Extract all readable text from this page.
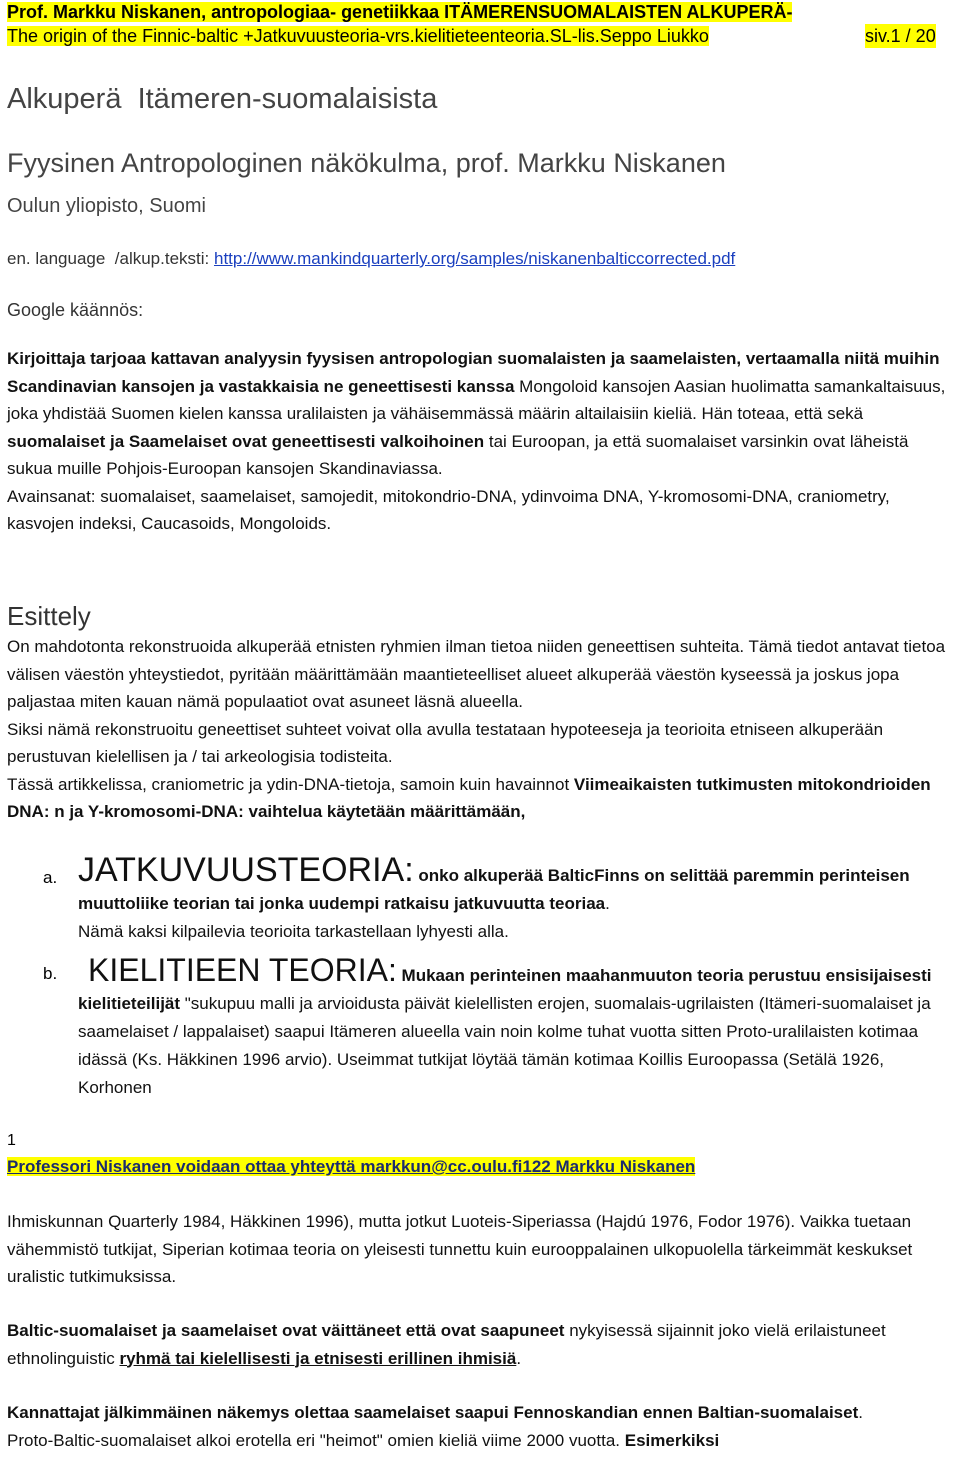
Prof. Markku Niskanen, antropologiaa- genetiikkaa ITÄMERENSUOMALAISTEN ALKUPERÄ-
The origin of the Finnic-baltic +Jatkuvuusteoria-vrs.kielitieteenteoria.SL-lis.Seppo Liukko	siv.1 / 20
Alkuperä  Itämeren-suomalaisista
Fyysinen Antropologinen näkökulma, prof. Markku Niskanen
Oulun yliopisto, Suomi
en. language  /alkup.teksti: http://www.mankindquarterly.org/samples/niskanenbalticcorrected.pdf
Google käännös:
Kirjoittaja tarjoaa kattavan analyysin fyysisen antropologian suomalaisten ja saamelaisten, vertaamalla niitä muihin Scandinavian kansojen ja vastakkaisia ne geneettisesti kanssa Mongoloid kansojen Aasian huolimatta samankaltaisuus, joka yhdistää Suomen kielen kanssa uralilaisten ja vähäisemmässä määrin altailaisiin kieliä. Hän toteaa, että sekä suomalaiset ja Saamelaiset ovat geneettisesti valkoihoinen tai Euroopan, ja että suomalaiset varsinkin ovat läheistä sukua muille Pohjois-Euroopan kansojen Skandinaviassa.
Avainsanat: suomalaiset, saamelaiset, samojedit, mitokondrio-DNA, ydinvoima DNA, Y-kromosomi-DNA, craniometry, kasvojen indeksi, Caucasoids, Mongoloids.
Esittely
On mahdotonta rekonstruoida alkuperää etnisten ryhmien ilman tietoa niiden geneettisen suhteita. Tämä tiedot antavat tietoa välisen väestön yhteystiedot, pyritään määrittämään maantieteelliset alueet alkuperää väestön kyseessä ja joskus jopa paljastaa miten kauan nämä populaatiot ovat asuneet läsnä alueella.
Siksi nämä rekonstruoitu geneettiset suhteet voivat olla avulla testataan hypoteeseja ja teorioita etniseen alkuperään perustuvan kielellisen ja / tai arkeologisia todisteita.
Tässä artikkelissa, craniometric ja ydin-DNA-tietoja, samoin kuin havainnot Viimeaikaisten tutkimusten mitokondrioiden DNA: n ja Y-kromosomi-DNA: vaihtelua käytetään määrittämään,
a. JATKUVUUSTEORIA: onko alkuperää BalticFinns on selittää paremmin perinteisen muuttoliike teorian tai jonka uudempi ratkaisu jatkuvuutta teoriaa.
Nämä kaksi kilpailevia teorioita tarkastellaan lyhyesti alla.
b. KIELITIEEN TEORIA: Mukaan perinteinen maahanmuuton teoria perustuu ensisijaisesti kielitieteilijät "sukupuu malli ja arvioidusta päivät kielellisten erojen, suomalais-ugrilaisten (Itämeri-suomalaiset ja saamelaiset / lappalaiset) saapui Itämeren alueella vain noin kolme tuhat vuotta sitten Proto-uralilaisten kotimaa idässä (Ks. Häkkinen 1996 arvio). Useimmat tutkijat löytää tämän kotimaa Koillis Euroopassa (Setälä 1926, Korhonen
1
Professori Niskanen voidaan ottaa yhteyttä markkun@cc.oulu.fi122 Markku Niskanen
Ihmiskunnan Quarterly 1984, Häkkinen 1996), mutta jotkut Luoteis-Siperiassa (Hajdú 1976, Fodor 1976). Vaikka tuetaan vähemmistö tutkijat, Siperian kotimaa teoria on yleisesti tunnettu kuin eurooppalainen ulkopuolella tärkeimmät keskukset uralistic tutkimuksissa.
Baltic-suomalaiset ja saamelaiset ovat väittäneet että ovat saapuneet nykyisessä sijainnit joko vielä erilaistuneet ethnolinguistic ryhmä tai kielellisesti ja etnisesti erillinen ihmisiä.
Kannattajat jälkimmäinen näkemys olettaa saamelaiset saapui Fennoskandian ennen Baltian-suomalaiset.
Proto-Baltic-suomalaiset alkoi erotella eri "heimot" omien kieliä viime 2000 vuotta. Esimerkiksi
